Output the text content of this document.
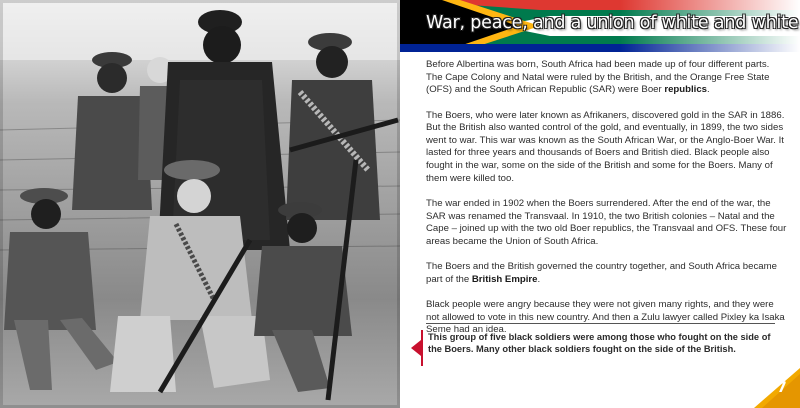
War, peace, and a union of white and white

Before Albertina was born, South Africa had been made up of four different parts. The Cape Colony and Natal were ruled by the British, and the Orange Free State (OFS) and the South African Republic (SAR) were Boer republics.

The Boers, who were later known as Afrikaners, discovered gold in the SAR in 1886. But the British also wanted control of the gold, and eventually, in 1899, the two sides went to war. This war was known as the South African War, or the Anglo-Boer War. It lasted for three years and thousands of Boers and British died. Black people also fought in the war, some on the side of the British and some for the Boers. Many of them were killed too.

The war ended in 1902 when the Boers surrendered. After the end of the war, the SAR was renamed the Transvaal. In 1910, the two British colonies – Natal and the Cape – joined up with the two old Boer republics, the Transvaal and OFS. These four areas became the Union of South Africa.

The Boers and the British governed the country together, and South Africa became part of the British Empire.

Black people were angry because they were not given many rights, and they were not allowed to vote in this new country. And then a Zulu lawyer called Pixley ka Isaka Seme had an idea.

This group of five black soldiers were among those who fought on the side of the Boers. Many other black soldiers fought on the side of the British.
7
